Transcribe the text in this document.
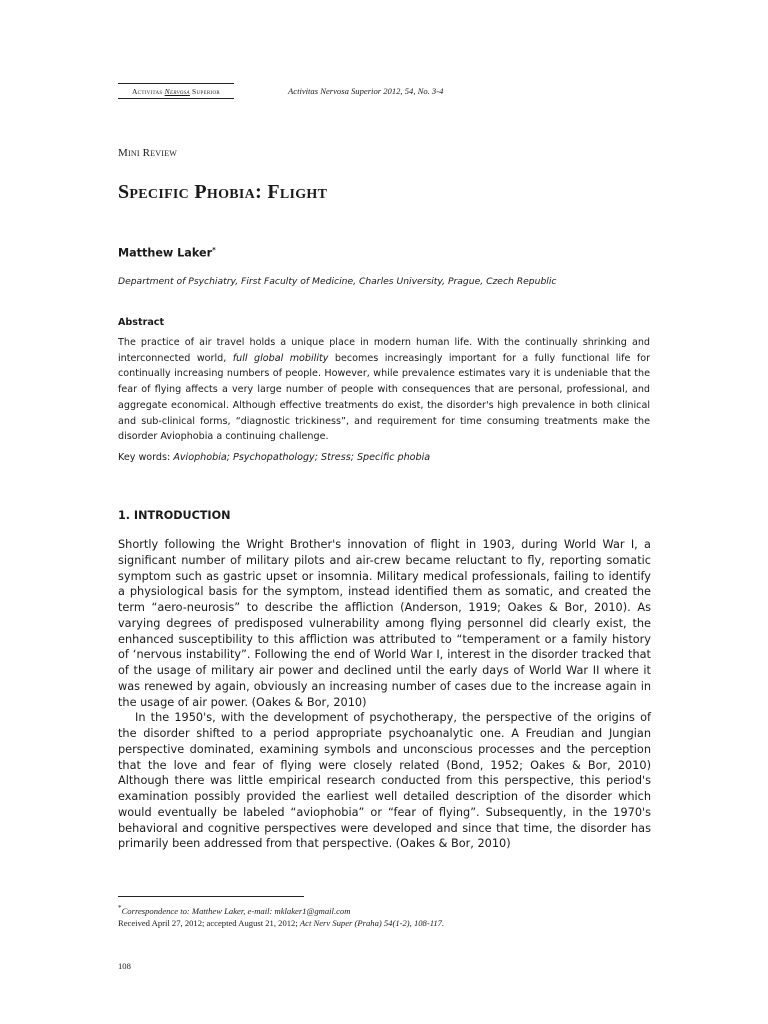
Activitas Nervosa Superior	Activitas Nervosa Superior 2012, 54, No. 3-4
Mini Review
Specific Phobia: Flight
Matthew Laker*
Department of Psychiatry, First Faculty of Medicine, Charles University, Prague, Czech Republic
Abstract

The practice of air travel holds a unique place in modern human life. With the continually shrinking and interconnected world, full global mobility becomes increasingly important for a fully functional life for continually increasing numbers of people. However, while prevalence estimates vary it is undeniable that the fear of flying affects a very large number of people with consequences that are personal, professional, and aggregate economical. Although effective treatments do exist, the disorder's high prevalence in both clinical and sub-clinical forms, “diagnostic trickiness”, and requirement for time consuming treatments make the disorder Aviophobia a continuing challenge.

Key words: Aviophobia; Psychopathology; Stress; Specific phobia
1. INTRODUCTION

Shortly following the Wright Brother's innovation of flight in 1903, during World War I, a significant number of military pilots and air-crew became reluctant to fly, reporting somatic symptom such as gastric upset or insomnia. Military medical professionals, failing to identify a physiological basis for the symptom, instead identified them as somatic, and created the term “aero-neurosis” to describe the affliction (Anderson, 1919; Oakes & Bor, 2010). As varying degrees of predisposed vulnerability among flying personnel did clearly exist, the enhanced susceptibility to this affliction was attributed to “temperament or a family history of ‘nervous instability”. Following the end of World War I, interest in the disorder tracked that of the usage of military air power and declined until the early days of World War II where it was renewed by again, obviously an increasing number of cases due to the increase again in the usage of air power. (Oakes & Bor, 2010)

In the 1950's, with the development of psychotherapy, the perspective of the origins of the disorder shifted to a period appropriate psychoanalytic one. A Freudian and Jungian perspective dominated, examining symbols and unconscious processes and the perception that the love and fear of flying were closely related (Bond, 1952; Oakes & Bor, 2010) Although there was little empirical research conducted from this perspective, this period's examination possibly provided the earliest well detailed description of the disorder which would eventually be labeled “aviophobia” or “fear of flying”. Subsequently, in the 1970's behavioral and cognitive perspectives were developed and since that time, the disorder has primarily been addressed from that perspective. (Oakes & Bor, 2010)

*Correspondence to: Matthew Laker, e-mail: mklaker1@gmail.com
Received April 27, 2012; accepted August 21, 2012; Act Nerv Super (Praha) 54(1-2), 108-117.
108
